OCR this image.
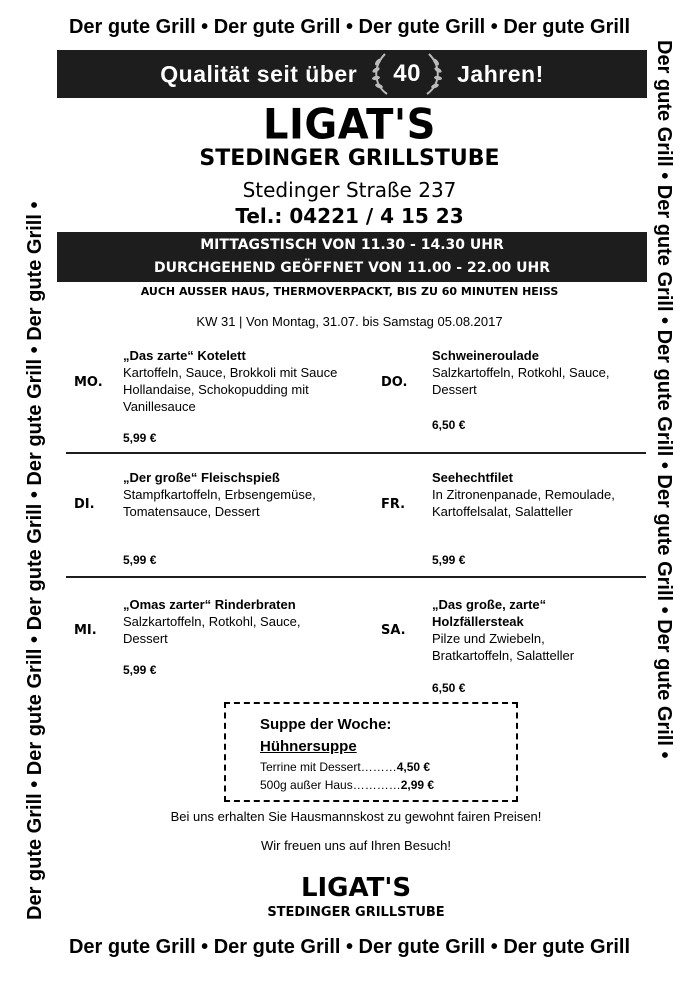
Der gute Grill • Der gute Grill • Der gute Grill • Der gute Grill
Der gute Grill • Der gute Grill • Der gute Grill • Der gute Grill
Der gute Grill • Der gute Grill • Der gute Grill • Der gute Grill • Der gute Grill •	Der gute Grill • Der gute Grill • Der gute Grill • Der gute Grill • Der gute Grill •
Qualität seit über 40 Jahren!
LIGAT'S
STEDINGER GRILLSTUBE
Stedinger Straße 237
Tel.: 04221 / 4 15 23
MITTAGSTISCH VON 11.30 - 14.30 UHR
DURCHGEHEND GEÖFFNET VON 11.00 - 22.00 UHR
AUCH AUSSER HAUS, THERMOVERPACKT, BIS ZU 60 MINUTEN HEISS
KW 31 | Von Montag, 31.07. bis Samstag 05.08.2017
MO.
„Das zarte“ Kotelett
Kartoffeln, Sauce, Brokkoli mit Sauce Hollandaise, Schokopudding mit Vanillesauce
5,99 €
DO.
Schweineroulade
Salzkartoffeln, Rotkohl, Sauce, Dessert
6,50 €
DI.
„Der große“ Fleischspieß
Stampfkartoffeln, Erbsengemüse, Tomatensauce, Dessert
5,99 €
FR.
Seehechtfilet
In Zitronenpanade, Remoulade, Kartoffelsalat, Salatteller
5,99 €
MI.
„Omas zarter“ Rinderbraten
Salzkartoffeln, Rotkohl, Sauce, Dessert
5,99 €
SA.
„Das große, zarte“ Holzfällersteak
Pilze und Zwiebeln, Bratkartoffeln, Salatteller
6,50 €
Suppe der Woche:
Hühnersuppe
Terrine mit Dessert………4,50 €
500g außer Haus…………2,99 €
Bei uns erhalten Sie Hausmannskost zu gewohnt fairen Preisen!
Wir freuen uns auf Ihren Besuch!
LIGAT'S
STEDINGER GRILLSTUBE
